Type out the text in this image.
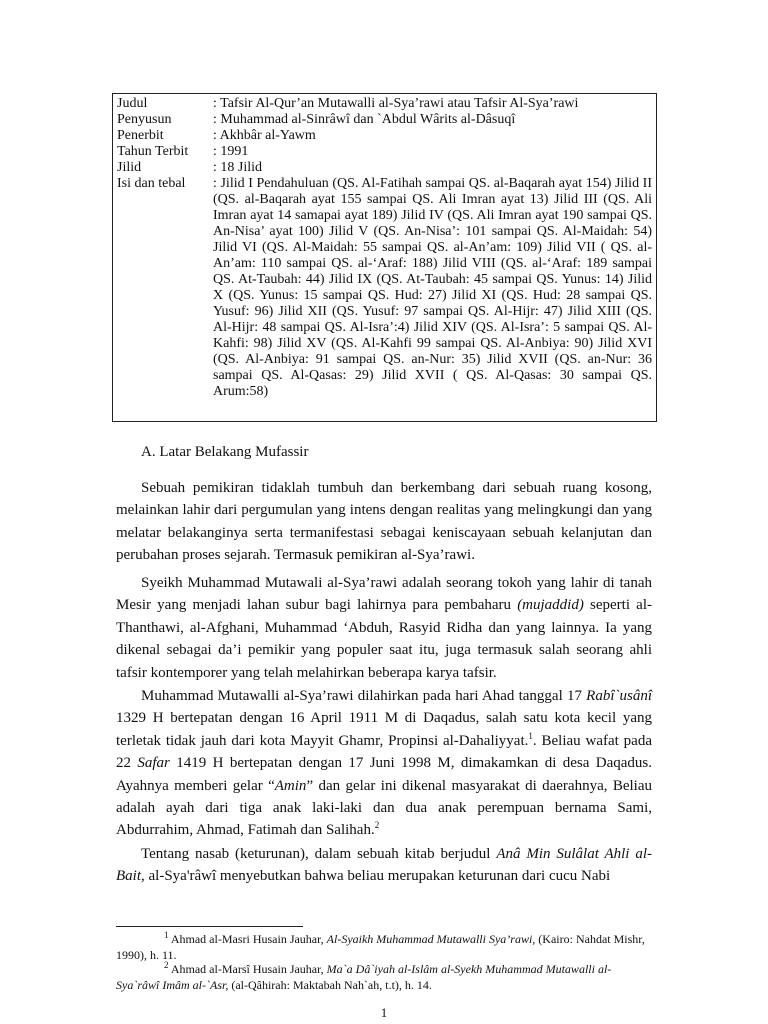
Judul	: Tafsir Al-Qur’an Mutawalli al-Sya’rawi atau Tafsir Al-Sya’rawi
Penyusun	: Muhammad al-Sinrâwî dan `Abdul Wârits al-Dâsuqî
Penerbit	: Akhbâr al-Yawm
Tahun Terbit	: 1991
Jilid	: 18 Jilid
Isi dan tebal	: Jilid I Pendahuluan (QS. Al-Fatihah sampai QS. al-Baqarah ayat 154) Jilid II (QS. al-Baqarah ayat 155 sampai QS. Ali Imran ayat 13) Jilid III (QS. Ali Imran ayat 14 samapai ayat 189) Jilid IV (QS. Ali Imran ayat 190 sampai QS. An-Nisa’ ayat 100) Jilid V (QS. An-Nisa’: 101 sampai QS. Al-Maidah: 54) Jilid VI (QS. Al-Maidah: 55 sampai QS. al-An’am: 109) Jilid VII ( QS. al-An’am: 110 sampai QS. al-‘Araf: 188) Jilid VIII (QS. al-‘Araf: 189 sampai QS. At-Taubah: 44) Jilid IX (QS. At-Taubah: 45 sampai QS. Yunus: 14) Jilid X (QS. Yunus: 15 sampai QS. Hud: 27) Jilid XI (QS. Hud: 28 sampai QS. Yusuf: 96) Jilid XII (QS. Yusuf: 97 sampai QS. Al-Hijr: 47) Jilid XIII (QS. Al-Hijr: 48 sampai QS. Al-Isra’:4) Jilid XIV (QS. Al-Isra’: 5 sampai QS. Al-Kahfi: 98) Jilid XV (QS. Al-Kahfi 99 sampai QS. Al-Anbiya: 90) Jilid XVI (QS. Al-Anbiya: 91 sampai QS. an-Nur: 35) Jilid XVII (QS. an-Nur: 36 sampai QS. Al-Qasas: 29) Jilid XVII ( QS. Al-Qasas: 30 sampai QS. Arum:58)
A. Latar Belakang Mufassir

Sebuah pemikiran tidaklah tumbuh dan berkembang dari sebuah ruang kosong, melainkan lahir dari pergumulan yang intens dengan realitas yang melingkungi dan yang melatar belakanginya serta termanifestasi sebagai keniscayaan sebuah kelanjutan dan perubahan proses sejarah. Termasuk pemikiran al-Sya’rawi.

Syeikh Muhammad Mutawali al-Sya’rawi adalah seorang tokoh yang lahir di tanah Mesir yang menjadi lahan subur bagi lahirnya para pembaharu (mujaddid) seperti al-Thanthawi, al-Afghani, Muhammad ‘Abduh, Rasyid Ridha dan yang lainnya. Ia yang dikenal sebagai da’i pemikir yang populer saat itu, juga termasuk salah seorang ahli tafsir kontemporer yang telah melahirkan beberapa karya tafsir.

Muhammad Mutawalli al-Sya’rawi dilahirkan pada hari Ahad tanggal 17 Rabî`usânî 1329 H bertepatan dengan 16 April 1911 M di Daqadus, salah satu kota kecil yang terletak tidak jauh dari kota Mayyit Ghamr, Propinsi al-Dahaliyyat.$^1$. Beliau wafat pada 22 Safar 1419 H bertepatan dengan 17 Juni 1998 M, dimakamkan di desa Daqadus. Ayahnya memberi gelar “Amin” dan gelar ini dikenal masyarakat di daerahnya, Beliau adalah ayah dari tiga anak laki-laki dan dua anak perempuan bernama Sami, Abdurrahim, Ahmad, Fatimah dan Salihah.$^2$

Tentang nasab (keturunan), dalam sebuah kitab berjudul Anâ Min Sulâlat Ahli al-Bait, al-Sya'râwî menyebutkan bahwa beliau merupakan keturunan dari cucu Nabi

$^1$ Ahmad al-Masri Husain Jauhar, Al-Syaikh Muhammad Mutawalli Sya’rawi, (Kairo: Nahdat Mishr, 1990), h. 11.

$^2$ Ahmad al-Marsî Husain Jauhar, Ma`a Dâ`iyah al-Islâm al-Syekh Muhammad Mutawalli al-Sya`râwî Imâm al-`Asr, (al-Qâhirah: Maktabah Nah`ah, t.t), h. 14.

1
